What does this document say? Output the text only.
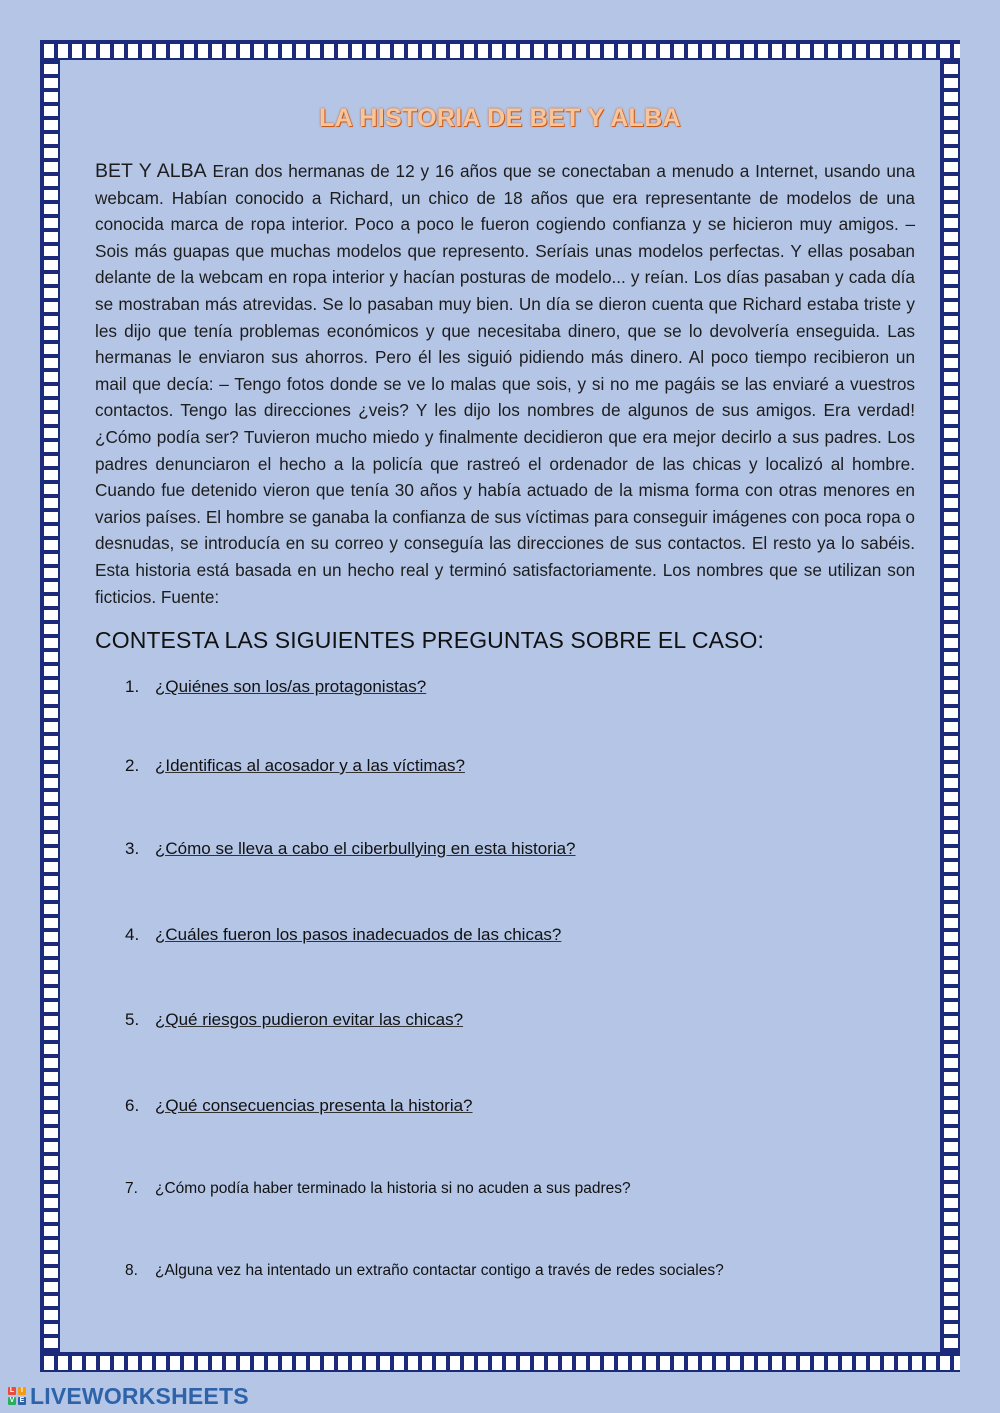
LA HISTORIA DE BET Y ALBA
BET Y ALBA Eran dos hermanas de 12 y 16 años que se conectaban a menudo a Internet, usando una webcam. Habían conocido a Richard, un chico de 18 años que era representante de modelos de una conocida marca de ropa interior. Poco a poco le fueron cogiendo confianza y se hicieron muy amigos. – Sois más guapas que muchas modelos que represento. Seríais unas modelos perfectas. Y ellas posaban delante de la webcam en ropa interior y hacían posturas de modelo... y reían. Los días pasaban y cada día se mostraban más atrevidas. Se lo pasaban muy bien. Un día se dieron cuenta que Richard estaba triste y les dijo que tenía problemas económicos y que necesitaba dinero, que se lo devolvería enseguida. Las hermanas le enviaron sus ahorros. Pero él les siguió pidiendo más dinero. Al poco tiempo recibieron un mail que decía: – Tengo fotos donde se ve lo malas que sois, y si no me pagáis se las enviaré a vuestros contactos. Tengo las direcciones ¿veis? Y les dijo los nombres de algunos de sus amigos. Era verdad! ¿Cómo podía ser? Tuvieron mucho miedo y finalmente decidieron que era mejor decirlo a sus padres. Los padres denunciaron el hecho a la policía que rastreó el ordenador de las chicas y localizó al hombre. Cuando fue detenido vieron que tenía 30 años y había actuado de la misma forma con otras menores en varios países. El hombre se ganaba la confianza de sus víctimas para conseguir imágenes con poca ropa o desnudas, se introducía en su correo y conseguía las direcciones de sus contactos. El resto ya lo sabéis. Esta historia está basada en un hecho real y terminó satisfactoriamente. Los nombres que se utilizan son ficticios. Fuente:
CONTESTA LAS SIGUIENTES PREGUNTAS SOBRE EL CASO:
1. ¿Quiénes son los/as protagonistas?
2. ¿Identificas al acosador y a las víctimas?
3. ¿Cómo se lleva a cabo el ciberbullying en esta historia?
4. ¿Cuáles fueron los pasos inadecuados de las chicas?
5. ¿Qué riesgos pudieron evitar las chicas?
6. ¿Qué consecuencias presenta la historia?
7. ¿Cómo podía haber terminado la historia si no acuden a sus padres?
8. ¿Alguna vez ha intentado un extraño contactar contigo a través de redes sociales?
L I
V E LIVEWORKSHEETS
